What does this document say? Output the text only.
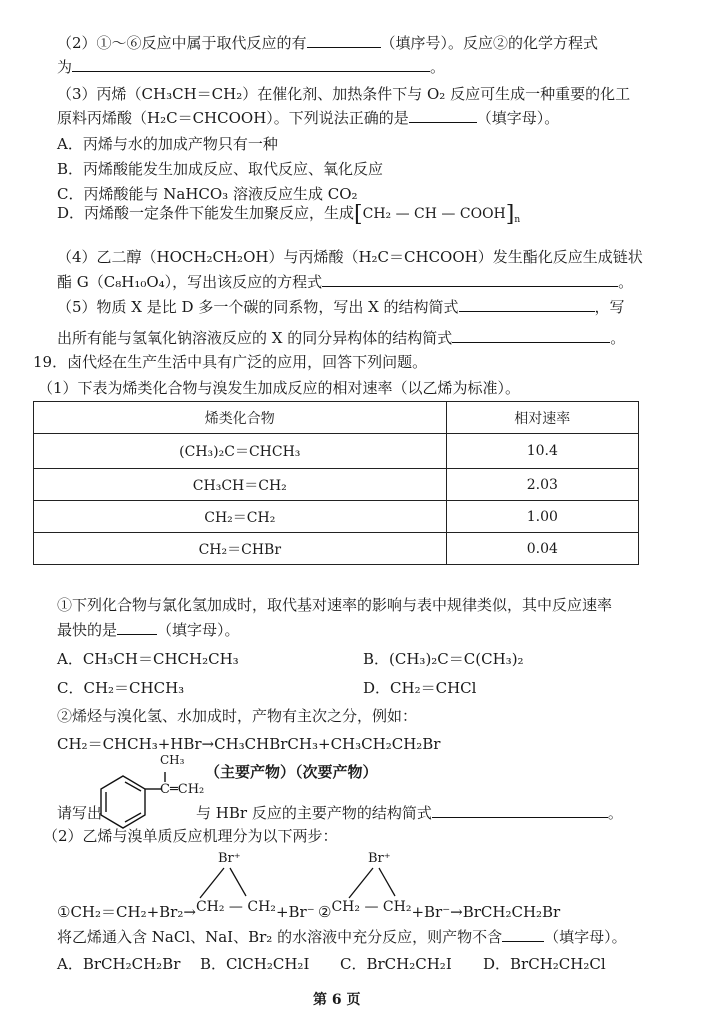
（2）①～⑥反应中属于取代反应的有	（填序号）。反应②的化学方程式
为	。
（3）丙烯（CH₃CH＝CH₂）在催化剂、加热条件下与 O₂ 反应可生成一种重要的化工
原料丙烯酸（H₂C＝CHCOOH）。下列说法正确的是	（填字母）。
A．丙烯与水的加成产物只有一种
B．丙烯酸能发生加成反应、取代反应、氧化反应
C．丙烯酸能与 NaHCO₃ 溶液反应生成 CO₂
D．丙烯酸一定条件下能发生加聚反应，生成[CH₂ — CH — $COOH]_n$
（4）乙二醇（HOCH₂CH₂OH）与丙烯酸（H₂C＝CHCOOH）发生酯化反应生成链状
酯 G（C₈H₁₀O₄），写出该反应的方程式	。
（5）物质 X 是比 D 多一个碳的同系物，写出 X 的结构简式	，写
出所有能与氢氧化钠溶液反应的 X 的同分异构体的结构简式	。
19．卤代烃在生产生活中具有广泛的应用，回答下列问题。
（1）下表为烯类化合物与溴发生加成反应的相对速率（以乙烯为标准）。
烯类化合物	相对速率
(CH₃)₂C＝CHCH₃	10.4
CH₃CH＝CH₂	2.03
CH₂＝CH₂	1.00
CH₂＝CHBr	0.04
①下列化合物与氯化氢加成时，取代基对速率的影响与表中规律类似，其中反应速率
最快的是	（填字母）。
A．CH₃CH＝CHCH₂CH₃	B．(CH₃)₂C＝C(CH₃)₂
C．CH₂＝CHCH₃	D．CH₂＝CHCl
②烯烃与溴化氢、水加成时，产物有主次之分，例如：
CH₂＝CHCH₃+HBr→CH₃CHBrCH₃+CH₃CH₂CH₂Br
（主要产物）（次要产物）
CH₃
C═CH₂
请写出	与 HBr 反应的主要产物的结构简式	。
（2）乙烯与溴单质反应机理分为以下两步：
Br⁺	Br⁺
①CH₂＝CH₂+Br₂→CH₂ — CH₂+Br⁻ ②CH₂ — CH₂+Br⁻→BrCH₂CH₂Br
将乙烯通入含 NaCl、NaI、Br₂ 的水溶液中充分反应，则产物不含	（填字母）。
A．BrCH₂CH₂Br B．ClCH₂CH₂I C．BrCH₂CH₂I D．BrCH₂CH₂Cl
第 6 页
